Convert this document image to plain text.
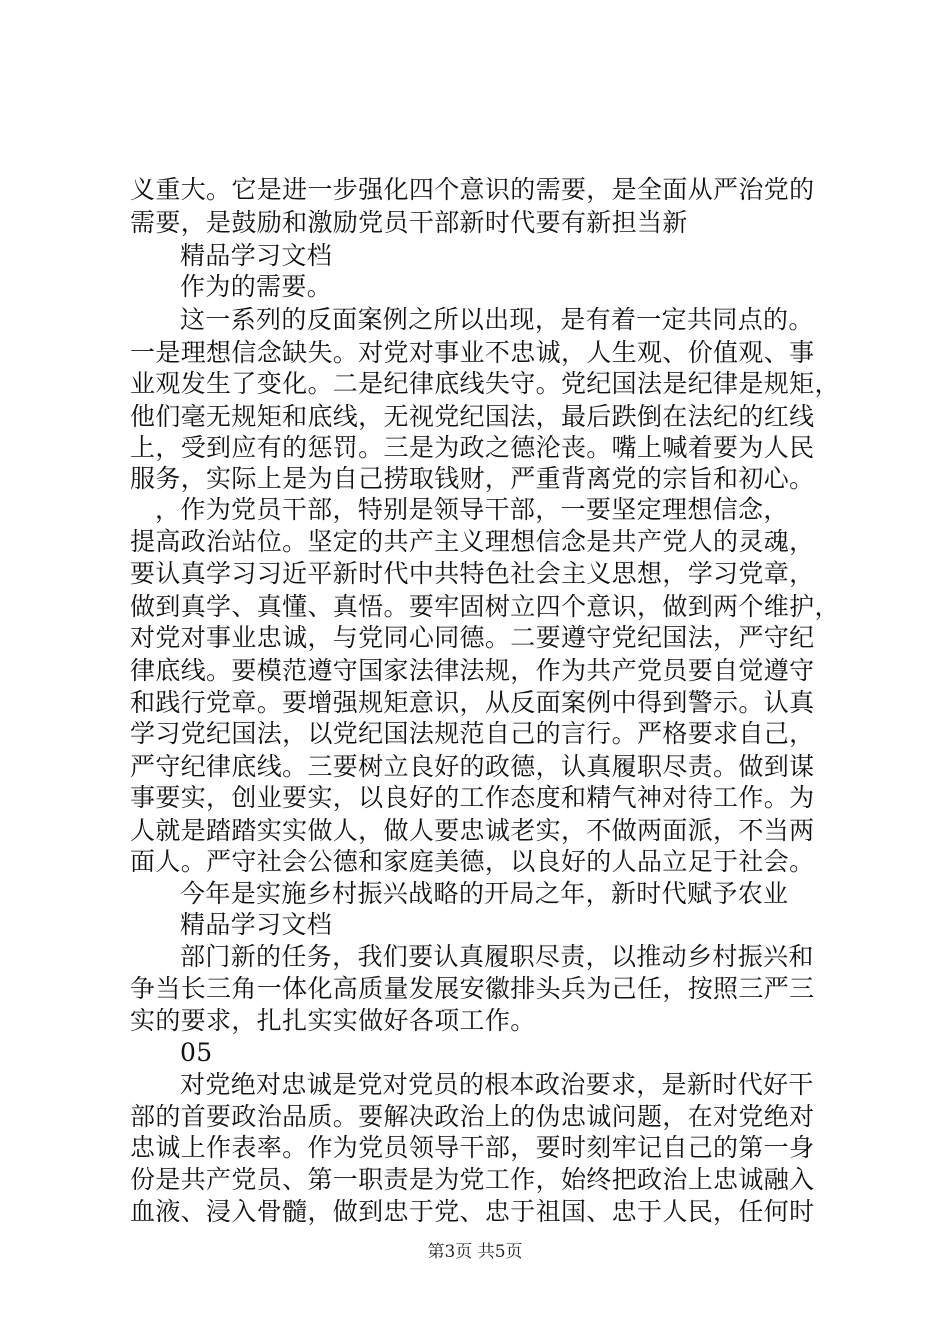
义重大。它是进一步强化四个意识的需要，是全面从严治党的
需要，是鼓励和激励党员干部新时代要有新担当新
精品学习文档
作为的需要。
这一系列的反面案例之所以出现，是有着一定共同点的。
一是理想信念缺失。对党对事业不忠诚，人生观、价值观、事
业观发生了变化。二是纪律底线失守。党纪国法是纪律是规矩，
他们毫无规矩和底线，无视党纪国法，最后跌倒在法纪的红线
上，受到应有的惩罚。三是为政之德沦丧。嘴上喊着要为人民
服务，实际上是为自己捞取钱财，严重背离党的宗旨和初心。
，作为党员干部，特别是领导干部，一要坚定理想信念，
提高政治站位。坚定的共产主义理想信念是共产党人的灵魂，
要认真学习习近平新时代中共特色社会主义思想，学习党章，
做到真学、真懂、真悟。要牢固树立四个意识，做到两个维护，
对党对事业忠诚，与党同心同德。二要遵守党纪国法，严守纪
律底线。要模范遵守国家法律法规，作为共产党员要自觉遵守
和践行党章。要增强规矩意识，从反面案例中得到警示。认真
学习党纪国法，以党纪国法规范自己的言行。严格要求自己，
严守纪律底线。三要树立良好的政德，认真履职尽责。做到谋
事要实，创业要实，以良好的工作态度和精气神对待工作。为
人就是踏踏实实做人，做人要忠诚老实，不做两面派，不当两
面人。严守社会公德和家庭美德，以良好的人品立足于社会。
今年是实施乡村振兴战略的开局之年，新时代赋予农业
精品学习文档
部门新的任务，我们要认真履职尽责，以推动乡村振兴和
争当长三角一体化高质量发展安徽排头兵为己任，按照三严三
实的要求，扎扎实实做好各项工作。
05
对党绝对忠诚是党对党员的根本政治要求，是新时代好干
部的首要政治品质。要解决政治上的伪忠诚问题，在对党绝对
忠诚上作表率。作为党员领导干部，要时刻牢记自己的第一身
份是共产党员、第一职责是为党工作，始终把政治上忠诚融入
血液、浸入骨髓，做到忠于党、忠于祖国、忠于人民，任何时
第3页 共5页
